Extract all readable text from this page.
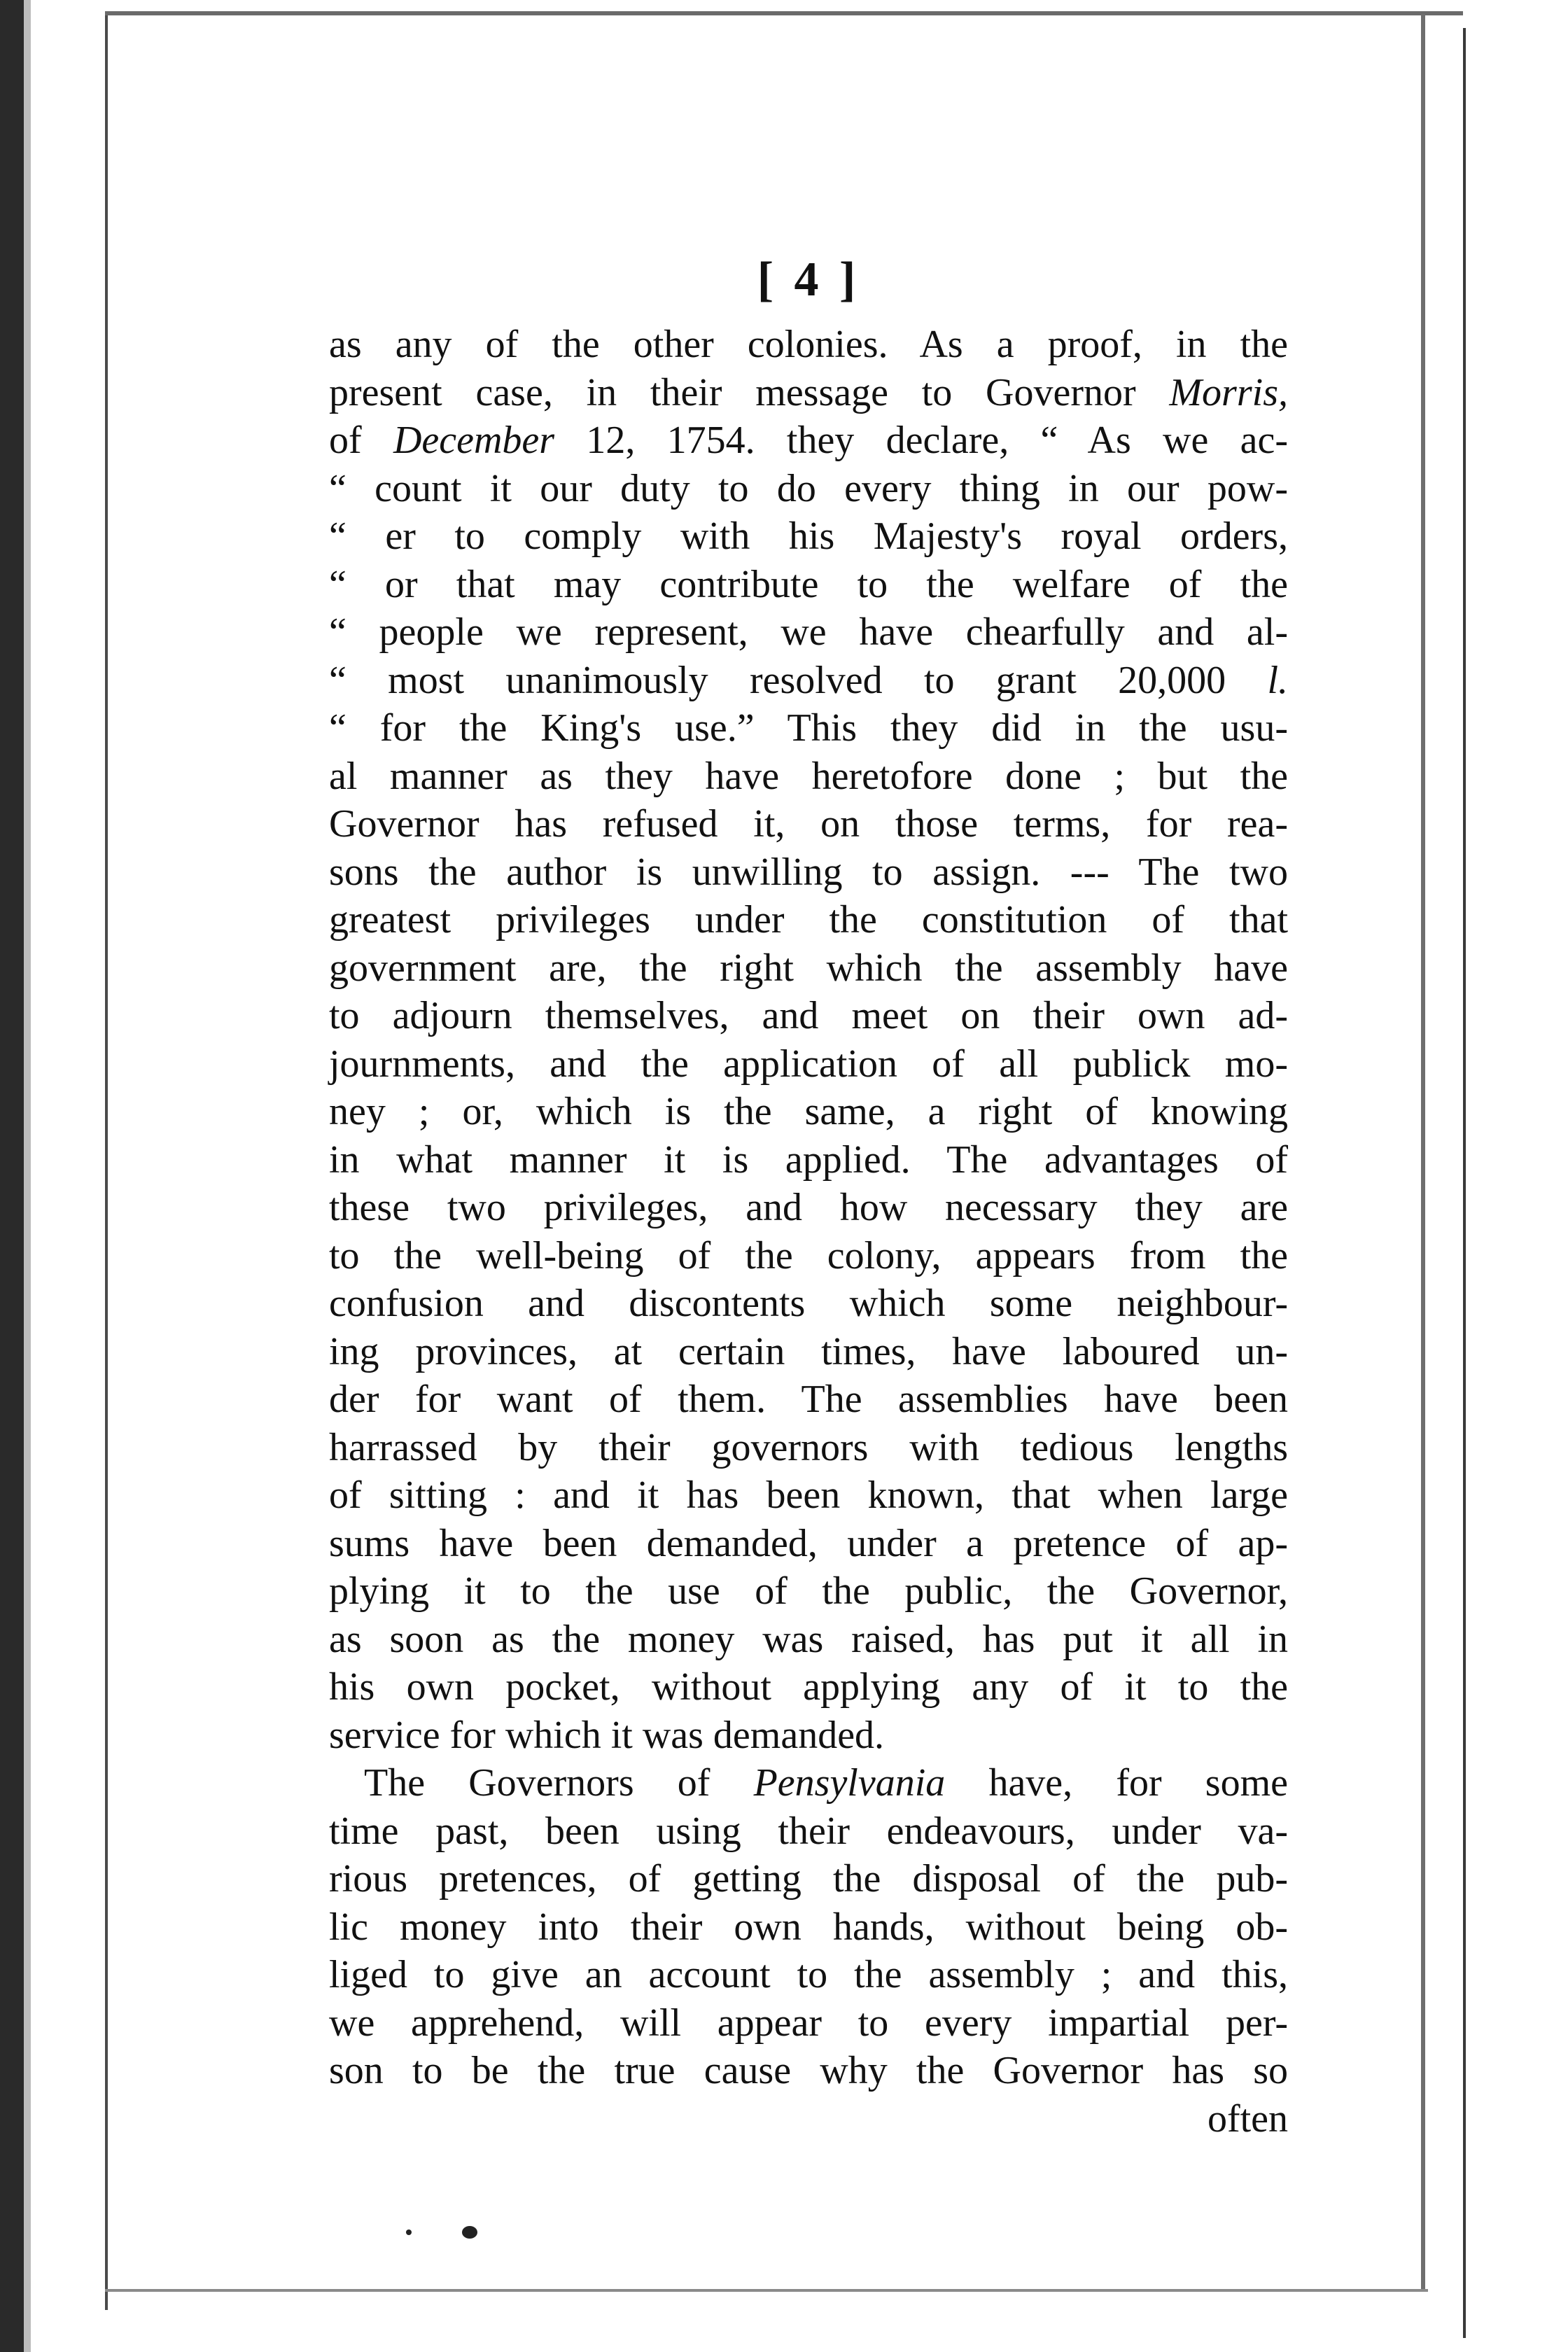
[ 4 ]
as any of the other colonies. As a proof, in the
present case, in their message to Governor Morris,
of December 12, 1754. they declare, “ As we ac-
“ count it our duty to do every thing in our pow-
“ er to comply with his Majesty's royal orders,
“ or that may contribute to the welfare of the
“ people we represent, we have chearfully and al-
“ most unanimously resolved to grant 20,000 l.
“ for the King's use.” This they did in the usu-
al manner as they have heretofore done ; but the
Governor has refused it, on those terms, for rea-
sons the author is unwilling to assign. --- The two
greatest privileges under the constitution of that
government are, the right which the assembly have
to adjourn themselves, and meet on their own ad-
journments, and the application of all publick mo-
ney ; or, which is the same, a right of knowing
in what manner it is applied. The advantages of
these two privileges, and how necessary they are
to the well-being of the colony, appears from the
confusion and discontents which some neighbour-
ing provinces, at certain times, have laboured un-
der for want of them. The assemblies have been
harrassed by their governors with tedious lengths
of sitting : and it has been known, that when large
sums have been demanded, under a pretence of ap-
plying it to the use of the public, the Governor,
as soon as the money was raised, has put it all in
his own pocket, without applying any of it to the
service for which it was demanded.
The Governors of Pensylvania have, for some
time past, been using their endeavours, under va-
rious pretences, of getting the disposal of the pub-
lic money into their own hands, without being ob-
liged to give an account to the assembly ; and this,
we apprehend, will appear to every impartial per-
son to be the true cause why the Governor has so
often
